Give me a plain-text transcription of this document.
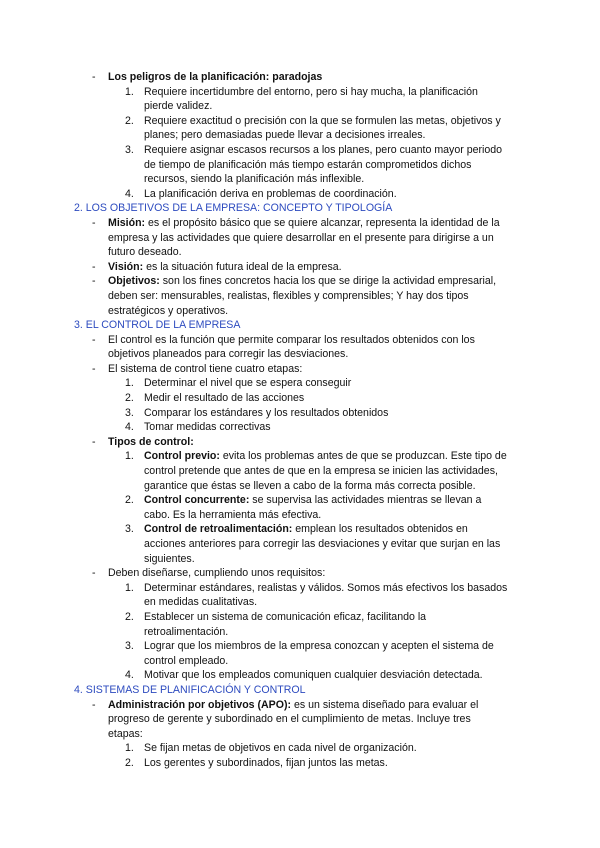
- Los peligros de la planificación: paradojas
1. Requiere incertidumbre del entorno, pero si hay mucha, la planificación
pierde validez.
2. Requiere exactitud o precisión con la que se formulen las metas, objetivos y
planes; pero demasiadas puede llevar a decisiones irreales.
3. Requiere asignar escasos recursos a los planes, pero cuanto mayor periodo
de tiempo de planificación más tiempo estarán comprometidos dichos
recursos, siendo la planificación más inflexible.
4. La planificación deriva en problemas de coordinación.
2. LOS OBJETIVOS DE LA EMPRESA: CONCEPTO Y TIPOLOGÍA
- Misión: es el propósito básico que se quiere alcanzar, representa la identidad de la
empresa y las actividades que quiere desarrollar en el presente para dirigirse a un
futuro deseado.
- Visión: es la situación futura ideal de la empresa.
- Objetivos: son los fines concretos hacia los que se dirige la actividad empresarial,
deben ser: mensurables, realistas, flexibles y comprensibles; Y hay dos tipos
estratégicos y operativos.
3. EL CONTROL DE LA EMPRESA
- El control es la función que permite comparar los resultados obtenidos con los
objetivos planeados para corregir las desviaciones.
- El sistema de control tiene cuatro etapas:
1. Determinar el nivel que se espera conseguir
2. Medir el resultado de las acciones
3. Comparar los estándares y los resultados obtenidos
4. Tomar medidas correctivas
- Tipos de control:
1. Control previo: evita los problemas antes de que se produzcan. Este tipo de
control pretende que antes de que en la empresa se inicien las actividades,
garantice que éstas se lleven a cabo de la forma más correcta posible.
2. Control concurrente: se supervisa las actividades mientras se llevan a
cabo. Es la herramienta más efectiva.
3. Control de retroalimentación: emplean los resultados obtenidos en
acciones anteriores para corregir las desviaciones y evitar que surjan en las
siguientes.
- Deben diseñarse, cumpliendo unos requisitos:
1. Determinar estándares, realistas y válidos. Somos más efectivos los basados
en medidas cualitativas.
2. Establecer un sistema de comunicación eficaz, facilitando la
retroalimentación.
3. Lograr que los miembros de la empresa conozcan y acepten el sistema de
control empleado.
4. Motivar que los empleados comuniquen cualquier desviación detectada.
4. SISTEMAS DE PLANIFICACIÓN Y CONTROL
- Administración por objetivos (APO): es un sistema diseñado para evaluar el
progreso de gerente y subordinado en el cumplimiento de metas. Incluye tres
etapas:
1. Se fijan metas de objetivos en cada nivel de organización.
2. Los gerentes y subordinados, fijan juntos las metas.
